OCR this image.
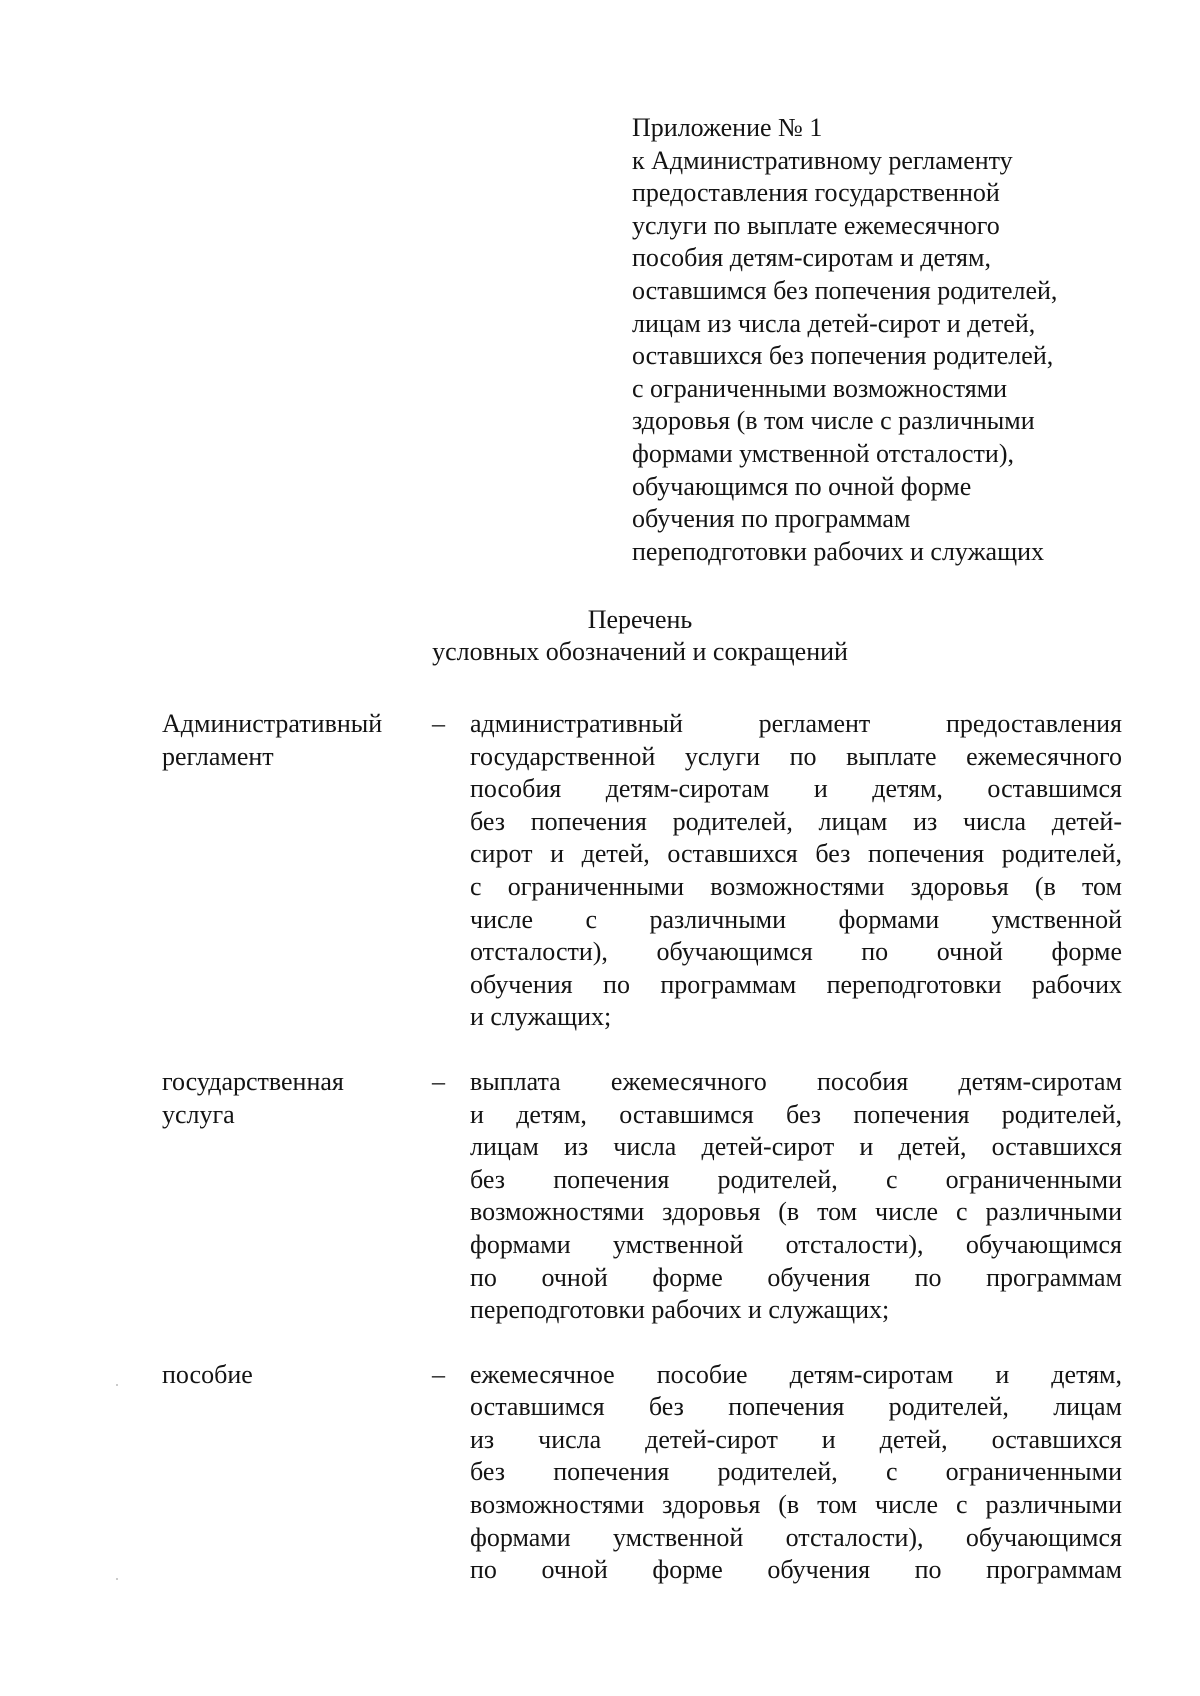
Приложение № 1
к Административному регламенту
предоставления государственной
услуги по выплате ежемесячного
пособия детям-сиротам и детям,
оставшимся без попечения родителей,
лицам из числа детей-сирот и детей,
оставшихся без попечения родителей,
с ограниченными возможностями
здоровья (в том числе с различными
формами умственной отсталости),
обучающимся по очной форме
обучения по программам
переподготовки рабочих и служащих
Перечень
условных обозначений и сокращений
Административный
регламент
– административный регламент предоставления
государственной услуги по выплате ежемесячного
пособия детям-сиротам и детям, оставшимся
без попечения родителей, лицам из числа детей-
сирот и детей, оставшихся без попечения родителей,
с ограниченными возможностями здоровья (в том
числе с различными формами умственной
отсталости), обучающимся по очной форме
обучения по программам переподготовки рабочих
и служащих;
государственная
услуга
– выплата ежемесячного пособия детям-сиротам
и детям, оставшимся без попечения родителей,
лицам из числа детей-сирот и детей, оставшихся
без попечения родителей, с ограниченными
возможностями здоровья (в том числе с различными
формами умственной отсталости), обучающимся
по очной форме обучения по программам
переподготовки рабочих и служащих;
пособие	– ежемесячное пособие детям-сиротам и детям,
оставшимся без попечения родителей, лицам
из числа детей-сирот и детей, оставшихся
без попечения родителей, с ограниченными
возможностями здоровья (в том числе с различными
формами умственной отсталости), обучающимся
по очной форме обучения по программам
